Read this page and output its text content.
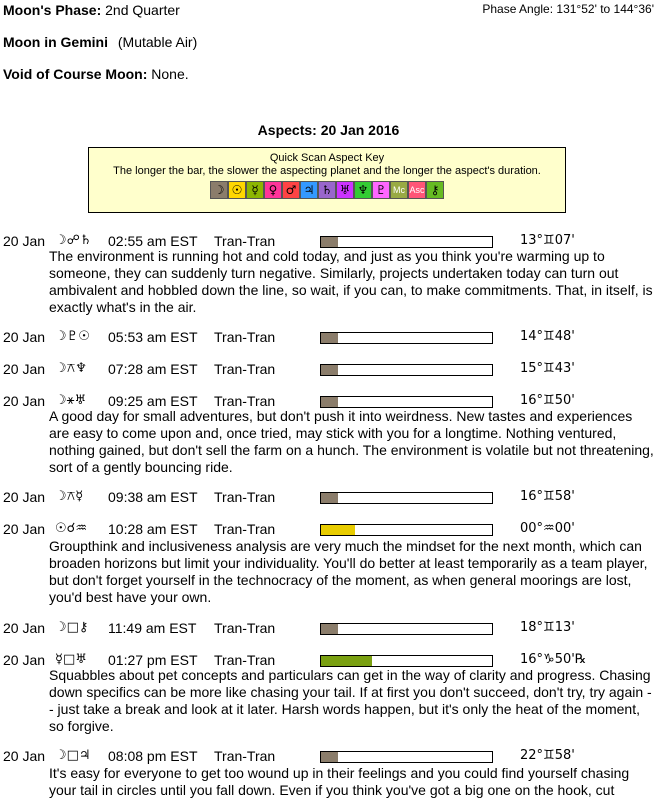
Moon's Phase: 2nd Quarter	Phase Angle: 131°52' to 144°36'
Moon in Gemini (Mutable Air)
Void of Course Moon: None.
Aspects: 20 Jan 2016
Quick Scan Aspect Key
The longer the bar, the slower the aspecting planet and the longer the aspect's duration.
☽ ☉ ☿ ♀ ♂ ♃ ♄ ♅ ♆ ♇ Mc Asc ⚷
20 Jan ☽☍♄ 02:55 am EST Tran-Tran	13°♊07'
The environment is running hot and cold today, and just as you think you're warming up to someone, they can suddenly turn negative. Similarly, projects undertaken today can turn out ambivalent and hobbled down the line, so wait, if you can, to make commitments. That, in itself, is exactly what's in the air.
20 Jan ☽♇☉ 05:53 am EST Tran-Tran	14°♊48'
20 Jan ☽⚻♆ 07:28 am EST Tran-Tran	15°♊43'
20 Jan ☽⚹♅ 09:25 am EST Tran-Tran	16°♊50'
A good day for small adventures, but don't push it into weirdness. New tastes and experiences are easy to come upon and, once tried, may stick with you for a longtime. Nothing ventured, nothing gained, but don't sell the farm on a hunch. The environment is volatile but not threatening, sort of a gently bouncing ride.
20 Jan ☽⚻☿ 09:38 am EST Tran-Tran	16°♊58'
20 Jan ☉☌♒ 10:28 am EST Tran-Tran	00°♒00'
Groupthink and inclusiveness analysis are very much the mindset for the next month, which can broaden horizons but limit your individuality. You'll do better at least temporarily as a team player, but don't forget yourself in the technocracy of the moment, as when general moorings are lost, you'd best have your own.
20 Jan ☽□⚷ 11:49 am EST Tran-Tran	18°♊13'
20 Jan ☿□♅ 01:27 pm EST Tran-Tran	16°♑50'℞
Squabbles about pet concepts and particulars can get in the way of clarity and progress. Chasing down specifics can be more like chasing your tail. If at first you don't succeed, don't try, try again -- just take a break and look at it later. Harsh words happen, but it's only the heat of the moment, so forgive.
20 Jan ☽□♃ 08:08 pm EST Tran-Tran	22°♊58'
It's easy for everyone to get too wound up in their feelings and you could find yourself chasing your tail in circles until you fall down. Even if you think you've got a big one on the hook, cut
